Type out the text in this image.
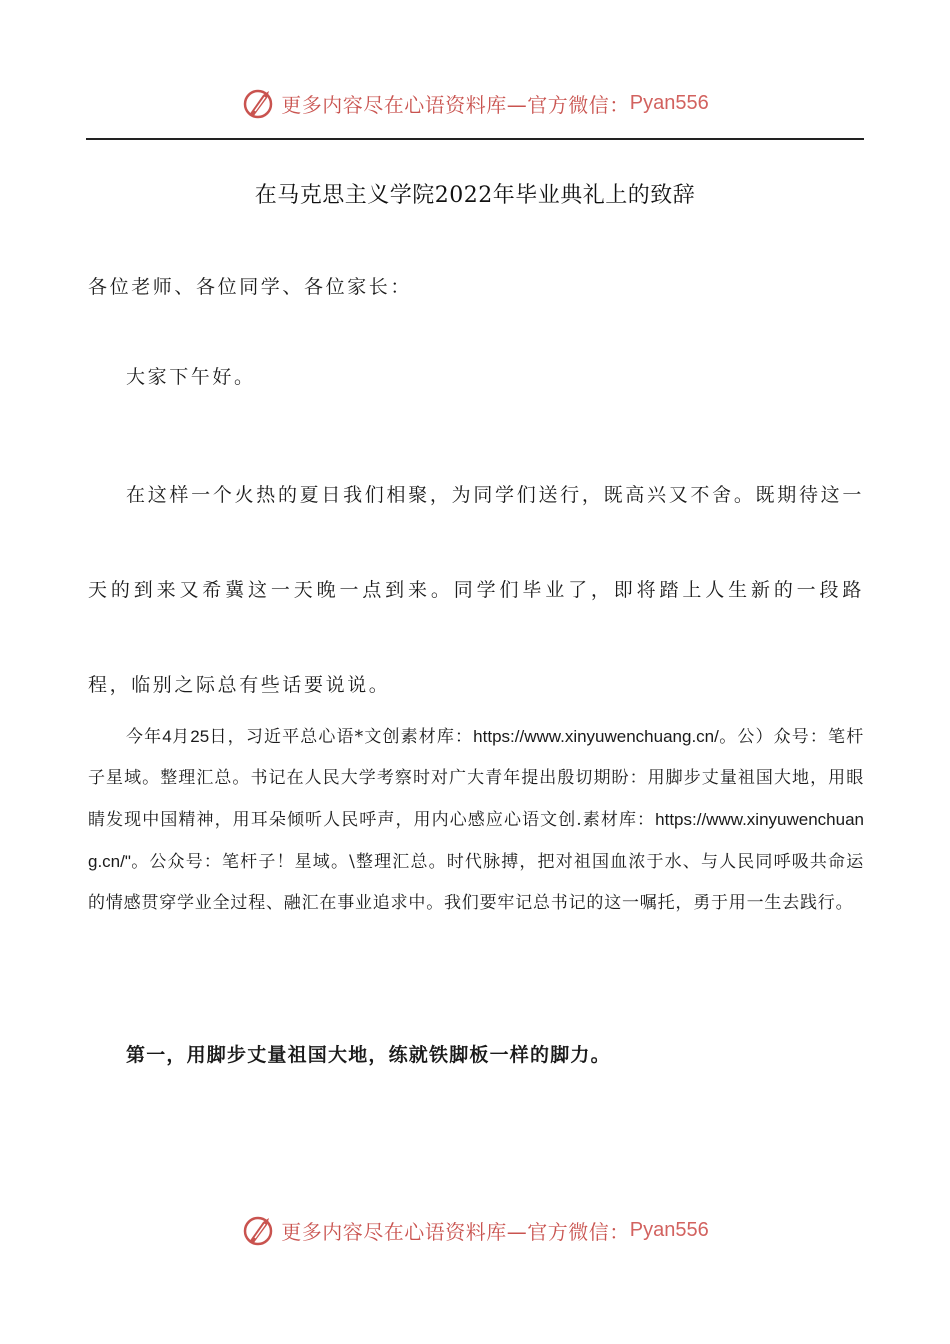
更多内容尽在心语资料库—官方微信： Pyan556
在马克思主义学院2022年毕业典礼上的致辞

各位老师、各位同学、各位家长：

大家下午好。

在这样一个火热的夏日我们相聚，为同学们送行，既高兴又不舍。既期待这一天的到来又希冀这一天晚一点到来。同学们毕业了，即将踏上人生新的一段路程，临别之际总有些话要说说。

今年4月25日，习近平总心语*文创素材库：https://www.xinyuwenchuang.cn/。公）众号：笔杆子星域。整理汇总。书记在人民大学考察时对广大青年提出殷切期盼：用脚步丈量祖国大地，用眼睛发现中国精神，用耳朵倾听人民呼声，用内心感应心语文创.素材库：https://www.xinyuwenchuang.cn/"。公众号：笔杆子！星域。\整理汇总。时代脉搏，把对祖国血浓于水、与人民同呼吸共命运的情感贯穿学业全过程、融汇在事业追求中。我们要牢记总书记的这一嘱托，勇于用一生去践行。

第一，用脚步丈量祖国大地，练就铁脚板一样的脚力。

更多内容尽在心语资料库—官方微信： Pyan556
